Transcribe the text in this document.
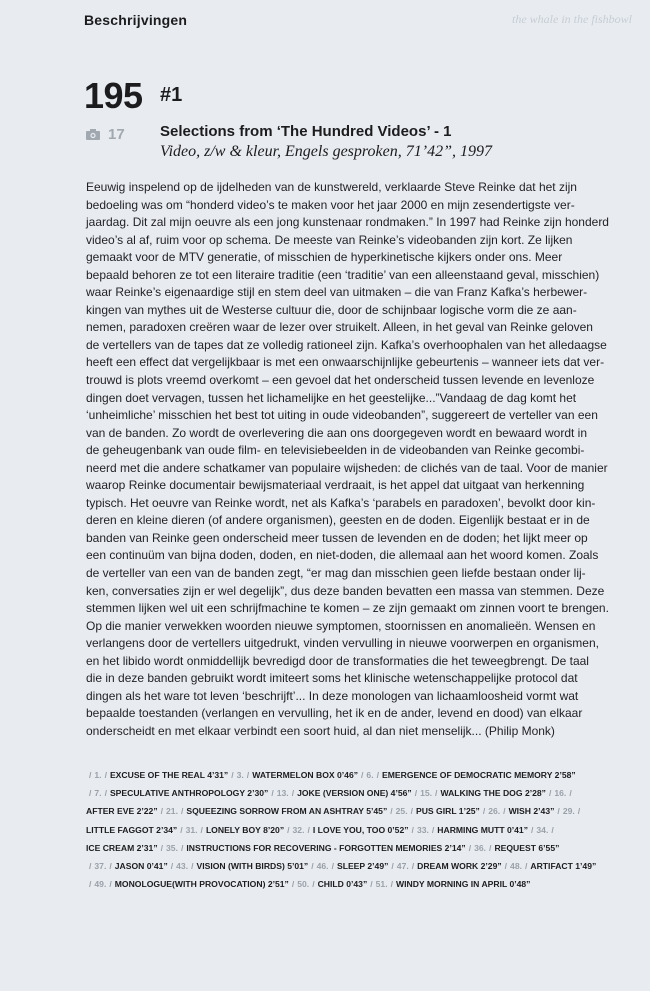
Beschrijvingen	the whale in the fishbowl
195 #1
17 Selections from ‘The Hundred Videos’ - 1
Video, z/w & kleur, Engels gesproken, 71’42”, 1997
Eeuwig inspelend op de ijdelheden van de kunstwereld, verklaarde Steve Reinke dat het zijn
bedoeling was om “honderd video’s te maken voor het jaar 2000 en mijn zesendertigste ver-
jaardag. Dit zal mijn oeuvre als een jong kunstenaar rondmaken.” In 1997 had Reinke zijn honderd
video’s al af, ruim voor op schema. De meeste van Reinke’s videobanden zijn kort. Ze lijken
gemaakt voor de MTV generatie, of misschien de hyperkinetische kijkers onder ons. Meer
bepaald behoren ze tot een literaire traditie (een ‘traditie’ van een alleenstaand geval, misschien)
waar Reinke’s eigenaardige stijl en stem deel van uitmaken – die van Franz Kafka’s herbewer-
kingen van mythes uit de Westerse cultuur die, door de schijnbaar logische vorm die ze aan-
nemen, paradoxen creëren waar de lezer over struikelt. Alleen, in het geval van Reinke geloven
de vertellers van de tapes dat ze volledig rationeel zijn. Kafka’s overhoophalen van het alledaagse
heeft een effect dat vergelijkbaar is met een onwaarschijnlijke gebeurtenis – wanneer iets dat ver-
trouwd is plots vreemd overkomt – een gevoel dat het onderscheid tussen levende en levenloze
dingen doet vervagen, tussen het lichamelijke en het geestelijke...”Vandaag de dag komt het
‘unheimliche’ misschien het best tot uiting in oude videobanden”, suggereert de verteller van een
van de banden. Zo wordt de overlevering die aan ons doorgegeven wordt en bewaard wordt in
de geheugenbank van oude film- en televisiebeelden in de videobanden van Reinke gecombi-
neerd met die andere schatkamer van populaire wijsheden: de clichés van de taal. Voor de manier
waarop Reinke documentair bewijsmateriaal verdraait, is het appel dat uitgaat van herkenning
typisch. Het oeuvre van Reinke wordt, net als Kafka’s ‘parabels en paradoxen’, bevolkt door kin-
deren en kleine dieren (of andere organismen), geesten en de doden. Eigenlijk bestaat er in de
banden van Reinke geen onderscheid meer tussen de levenden en de doden; het lijkt meer op
een continuüm van bijna doden, doden, en niet-doden, die allemaal aan het woord komen. Zoals
de verteller van een van de banden zegt, “er mag dan misschien geen liefde bestaan onder lij-
ken, conversaties zijn er wel degelijk”, dus deze banden bevatten een massa van stemmen. Deze
stemmen lijken wel uit een schrijfmachine te komen – ze zijn gemaakt om zinnen voort te brengen.
Op die manier verwekken woorden nieuwe symptomen, stoornissen en anomalieën. Wensen en
verlangens door de vertellers uitgedrukt, vinden vervulling in nieuwe voorwerpen en organismen,
en het libido wordt onmiddellijk bevredigd door de transformaties die het teweegbrengt. De taal
die in deze banden gebruikt wordt imiteert soms het klinische wetenschappelijke protocol dat
dingen als het ware tot leven ‘beschrijft’... In deze monologen van lichaamloosheid vormt wat
bepaalde toestanden (verlangen en vervulling, het ik en de ander, levend en dood) van elkaar
onderscheidt en met elkaar verbindt een soort huid, al dan niet menselijk... (Philip Monk)
/ 1. / EXCUSE OF THE REAL 4’31” / 3. / WATERMELON BOX 0’46” / 6. / EMERGENCE OF DEMOCRATIC MEMORY 2’58”
/ 7. / SPECULATIVE ANTHROPOLOGY 2’30” / 13. / JOKE (VERSION ONE) 4’56” / 15. / WALKING THE DOG 2’28” / 16. /
AFTER EVE 2’22” / 21. / SQUEEZING SORROW FROM AN ASHTRAY 5’45” / 25. / PUS GIRL 1’25” / 26. / WISH 2’43” / 29. /
LITTLE FAGGOT 2’34” / 31. / LONELY BOY 8’20” / 32. / I LOVE YOU, TOO 0’52” / 33. / HARMING MUTT 0’41” / 34. /
ICE CREAM 2’31” / 35. / INSTRUCTIONS FOR RECOVERING - FORGOTTEN MEMORIES 2’14” / 36. / REQUEST 6’55”
/ 37. / JASON 0’41” / 43. / VISION (WITH BIRDS) 5’01” / 46. / SLEEP 2’49” / 47. / DREAM WORK 2’29” / 48. / ARTIFACT 1’49”
/ 49. / MONOLOGUE(WITH PROVOCATION) 2’51” / 50. / CHILD 0’43” / 51. / WINDY MORNING IN APRIL 0’48”
